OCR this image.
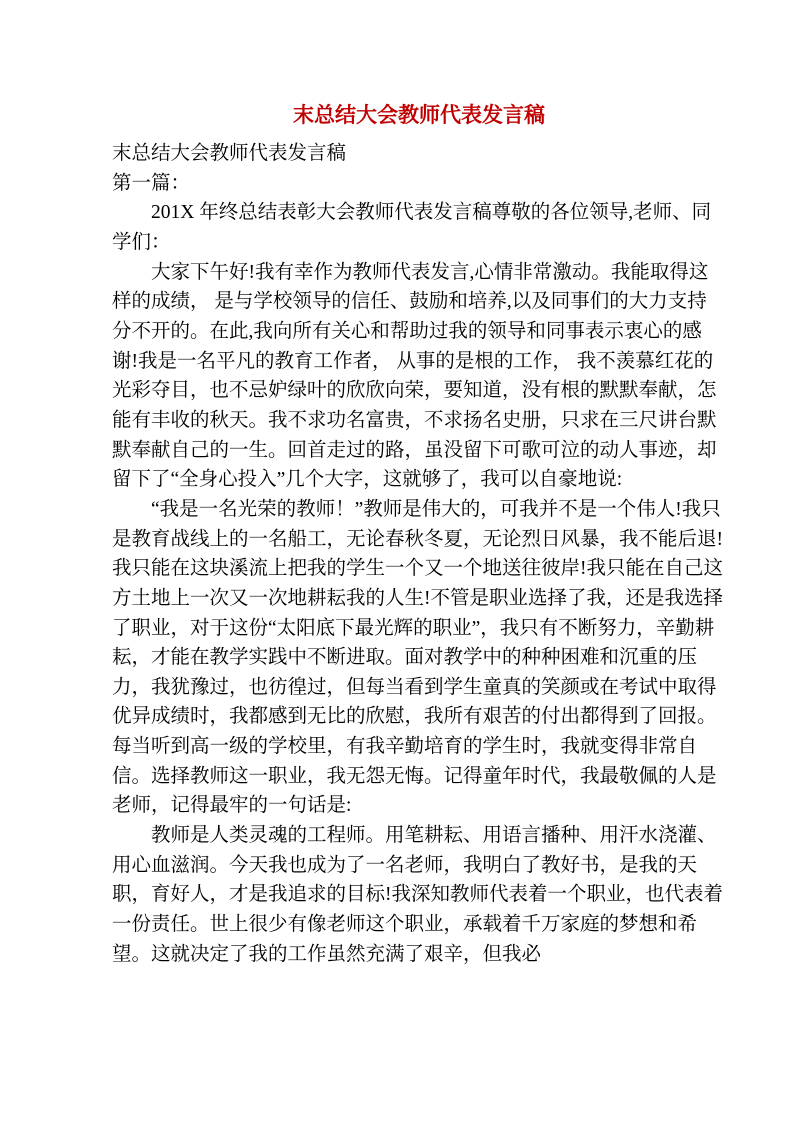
末总结大会教师代表发言稿

末总结大会教师代表发言稿

第一篇：

201X 年终总结表彰大会教师代表发言稿尊敬的各位领导,老师、同学们：

大家下午好!我有幸作为教师代表发言,心情非常激动。我能取得这样的成绩， 是与学校领导的信任、鼓励和培养,以及同事们的大力支持分不开的。在此,我向所有关心和帮助过我的领导和同事表示衷心的感谢!我是一名平凡的教育工作者， 从事的是根的工作， 我不羡慕红花的光彩夺目，也不忌妒绿叶的欣欣向荣，要知道，没有根的默默奉献，怎能有丰收的秋天。我不求功名富贵，不求扬名史册，只求在三尺讲台默默奉献自己的一生。回首走过的路，虽没留下可歌可泣的动人事迹，却留下了“全身心投入”几个大字，这就够了，我可以自豪地说:

“我是一名光荣的教师！”教师是伟大的，可我并不是一个伟人!我只是教育战线上的一名船工，无论春秋冬夏，无论烈日风暴，我不能后退!我只能在这块溪流上把我的学生一个又一个地送往彼岸!我只能在自己这方土地上一次又一次地耕耘我的人生!不管是职业选择了我，还是我选择了职业，对于这份“太阳底下最光辉的职业”，我只有不断努力，辛勤耕耘，才能在教学实践中不断进取。面对教学中的种种困难和沉重的压力，我犹豫过，也彷徨过，但每当看到学生童真的笑颜或在考试中取得优异成绩时，我都感到无比的欣慰，我所有艰苦的付出都得到了回报。每当听到高一级的学校里，有我辛勤培育的学生时，我就变得非常自信。选择教师这一职业，我无怨无悔。记得童年时代，我最敬佩的人是老师，记得最牢的一句话是:

教师是人类灵魂的工程师。用笔耕耘、用语言播种、用汗水浇灌、用心血滋润。今天我也成为了一名老师，我明白了教好书，是我的天职，育好人，才是我追求的目标!我深知教师代表着一个职业，也代表着一份责任。世上很少有像老师这个职业，承载着千万家庭的梦想和希望。这就决定了我的工作虽然充满了艰辛，但我必
